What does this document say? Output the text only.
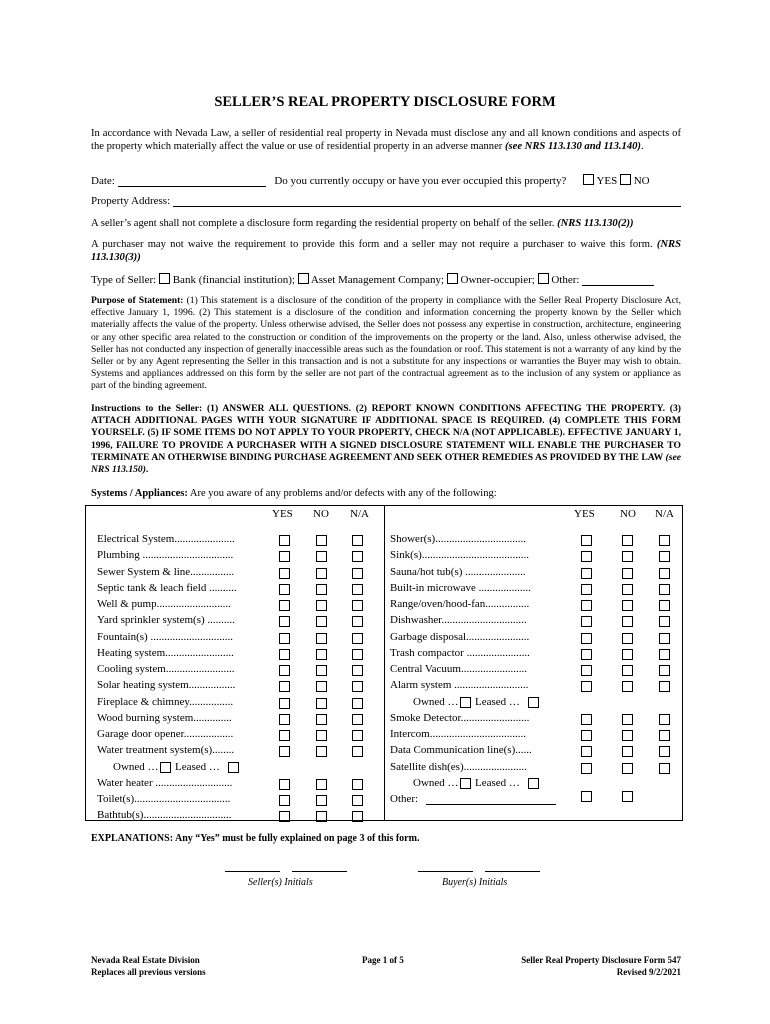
SELLER’S REAL PROPERTY DISCLOSURE FORM
In accordance with Nevada Law, a seller of residential real property in Nevada must disclose any and all known conditions and aspects of the property which materially affect the value or use of residential property in an adverse manner (see NRS 113.130 and 113.140).
Date:	Do you currently occupy or have you ever occupied this property?	YES NO
Property Address:
A seller’s agent shall not complete a disclosure form regarding the residential property on behalf of the seller. (NRS 113.130(2))
A purchaser may not waive the requirement to provide this form and a seller may not require a purchaser to waive this form. (NRS 113.130(3))
Type of Seller: Bank (financial institution); Asset Management Company; Owner-occupier; Other:
Purpose of Statement: (1) This statement is a disclosure of the condition of the property in compliance with the Seller Real Property Disclosure Act, effective January 1, 1996. (2) This statement is a disclosure of the condition and information concerning the property known by the Seller which materially affects the value of the property. Unless otherwise advised, the Seller does not possess any expertise in construction, architecture, engineering or any other specific area related to the construction or condition of the improvements on the property or the land. Also, unless otherwise advised, the Seller has not conducted any inspection of generally inaccessible areas such as the foundation or roof. This statement is not a warranty of any kind by the Seller or by any Agent representing the Seller in this transaction and is not a substitute for any inspections or warranties the Buyer may wish to obtain. Systems and appliances addressed on this form by the seller are not part of the contractual agreement as to the inclusion of any system or appliance as part of the binding agreement.
Instructions to the Seller: (1) ANSWER ALL QUESTIONS. (2) REPORT KNOWN CONDITIONS AFFECTING THE PROPERTY. (3) ATTACH ADDITIONAL PAGES WITH YOUR SIGNATURE IF ADDITIONAL SPACE IS REQUIRED. (4) COMPLETE THIS FORM YOURSELF. (5) IF SOME ITEMS DO NOT APPLY TO YOUR PROPERTY, CHECK N/A (NOT APPLICABLE). EFFECTIVE JANUARY 1, 1996, FAILURE TO PROVIDE A PURCHASER WITH A SIGNED DISCLOSURE STATEMENT WILL ENABLE THE PURCHASER TO TERMINATE AN OTHERWISE BINDING PURCHASE AGREEMENT AND SEEK OTHER REMEDIES AS PROVIDED BY THE LAW (see NRS 113.150).
Systems / Appliances: Are you aware of any problems and/or defects with any of the following:
YES NO N/A	YES NO N/A
Electrical System......................
Plumbing .................................
Sewer System & line................
Septic tank & leach field ..........
Well & pump...........................
Yard sprinkler system(s) ..........
Fountain(s) ..............................
Heating system.........................
Cooling system.........................
Solar heating system.................
Fireplace & chimney................
Wood burning system..............
Garage door opener..................
Water treatment system(s)........
Owned … Leased …
Water heater ............................
Toilet(s)...................................
Bathtub(s)................................
Shower(s).................................
Sink(s).......................................
Sauna/hot tub(s) ......................
Built-in microwave ...................
Range/oven/hood-fan................
Dishwasher...............................
Garbage disposal.......................
Trash compactor .......................
Central Vacuum........................
Alarm system ...........................
Owned … Leased …
Smoke Detector.........................
Intercom...................................
Data Communication line(s)......
Satellite dish(es).......................
Owned … Leased …
Other:
EXPLANATIONS: Any “Yes” must be fully explained on page 3 of this form.
Seller(s) Initials	Buyer(s) Initials
Nevada Real Estate Division
Replaces all previous versions
Page 1 of 5	Seller Real Property Disclosure Form 547
Revised 9/2/2021
